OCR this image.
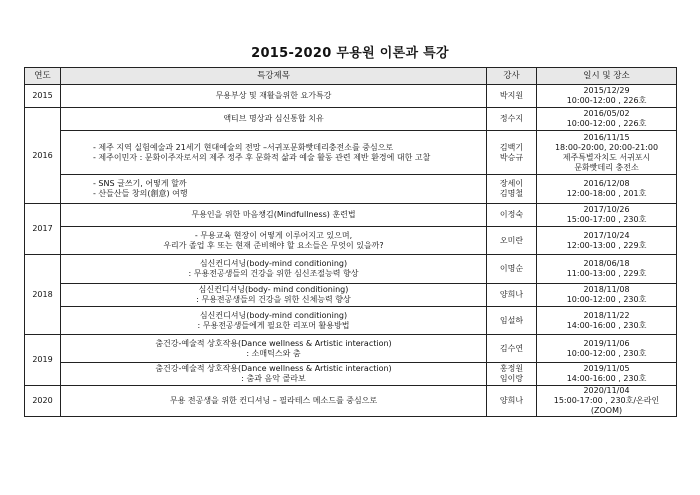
2015-2020 무용원 이론과 특강
연도	특강제목	강사	일시 및 장소
2015	무용부상 및 재활을위한 요가특강	박지원	2015/12/29
10:00-12:00 , 226호

2016	액티브 명상과 심신통합 치유	정수지	2016/05/02
10:00-12:00 , 226호

	- 제주 지역 실험예술과 21세기 현대예술의 전망 –서귀포문화빳데리충전소를 중심으로
- 제주이민자 : 문화이주자로서의 제주 정주 후 문화적 삶과 예술 활동 관련 제반 환경에 대한 고찰	김백기
박승규	2016/11/15
18:00-20:00, 20:00-21:00
제주특별자치도 서귀포시
문화빳데리 충전소

	- SNS 글쓰기, 어떻게 할까
- 산들산들 창의(創意) 여행	장세이
김명철	2016/12/08
12:00-18:00 , 201호

2017	무용인을 위한 마음챙김(Mindfullness) 훈련법	이정숙	2017/10/26
15:00-17:00 , 230호

	- 무용교육 현장이 어떻게 이루어지고 있으며,
우리가 졸업 후 또는 현재 준비해야 할 요소들은 무엇이 있을까?	오미란	2017/10/24
12:00-13:00 , 229호

2018	심신컨디셔닝(body-mind conditioning)
: 무용전공생들의 건강을 위한 심신조절능력 향상	이명순	2018/06/18
11:00-13:00 , 229호

	심신컨디셔닝(body- mind conditioning)
: 무용전공생들의 건강을 위한 신체능력 향상	양희나	2018/11/08
10:00-12:00 , 230호

	심신컨디셔닝(body-mind conditioning)
: 무용전공생들에게 필요한 리포머 활용방법	임설하	2018/11/22
14:00-16:00 , 230호

2019	춤건강-예술적 상호작용(Dance wellness & Artistic interaction)
: 소매틱스와 춤	김수연	2019/11/06
10:00-12:00 , 230호

	춤건강-예술적 상호작용(Dance wellness & Artistic interaction)
: 춤과 음악 콜라보	홍정원
임이랑	2019/11/05
14:00-16:00 , 230호

2020	무용 전공생을 위한 컨디셔닝 – 필라테스 메소드를 중심으로	양희나	2020/11/04
15:00-17:00 , 230호/온라인(ZOOM)
